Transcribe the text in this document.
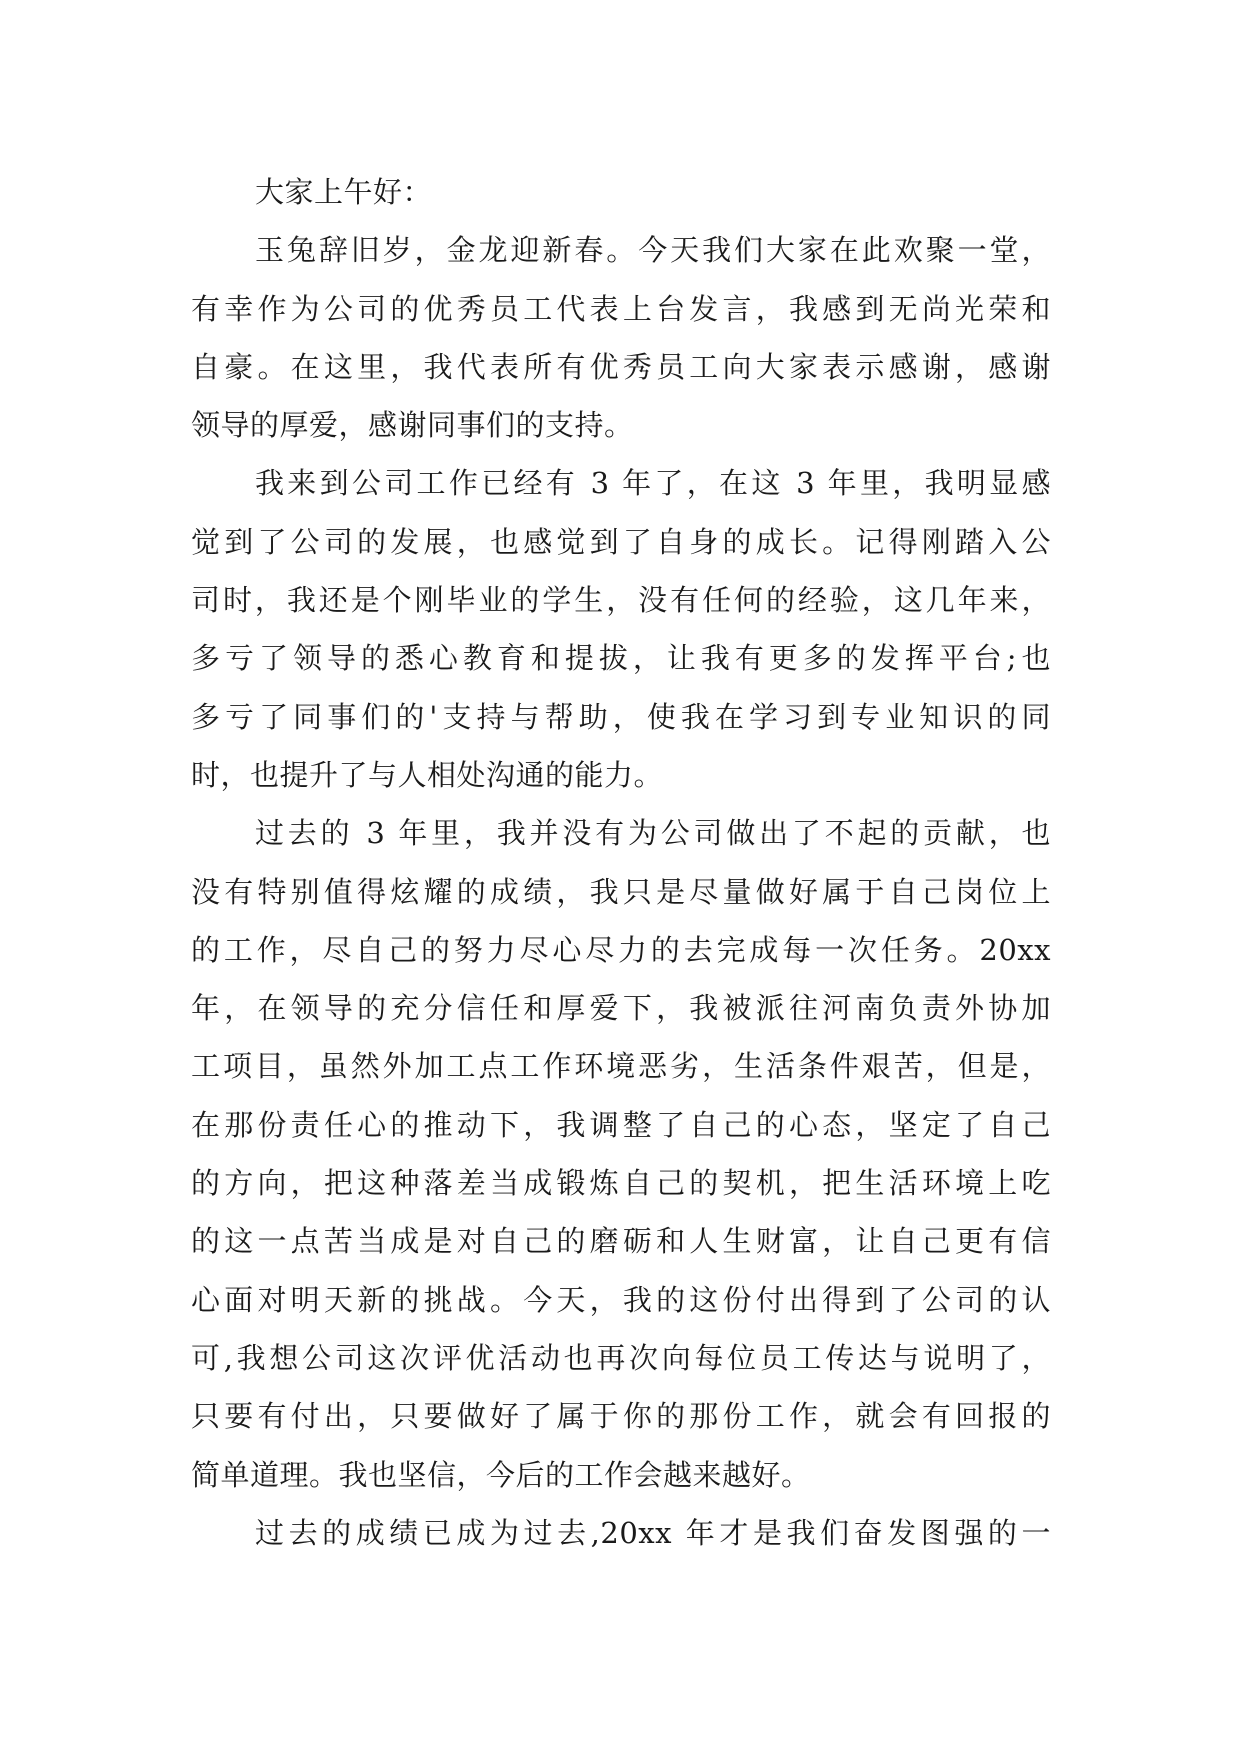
大家上午好：
玉兔辞旧岁，金龙迎新春。今天我们大家在此欢聚一堂，
有幸作为公司的优秀员工代表上台发言，我感到无尚光荣和
自豪。在这里，我代表所有优秀员工向大家表示感谢，感谢
领导的厚爱，感谢同事们的支持。
我来到公司工作已经有 3 年了，在这 3 年里，我明显感
觉到了公司的发展，也感觉到了自身的成长。记得刚踏入公
司时，我还是个刚毕业的学生，没有任何的经验，这几年来，
多亏了领导的悉心教育和提拔，让我有更多的发挥平台;也
多亏了同事们的'支持与帮助，使我在学习到专业知识的同
时，也提升了与人相处沟通的能力。
过去的 3 年里，我并没有为公司做出了不起的贡献，也
没有特别值得炫耀的成绩，我只是尽量做好属于自己岗位上
的工作，尽自己的努力尽心尽力的去完成每一次任务。20xx
年，在领导的充分信任和厚爱下，我被派往河南负责外协加
工项目，虽然外加工点工作环境恶劣，生活条件艰苦，但是，
在那份责任心的推动下，我调整了自己的心态，坚定了自己
的方向，把这种落差当成锻炼自己的契机，把生活环境上吃
的这一点苦当成是对自己的磨砺和人生财富，让自己更有信
心面对明天新的挑战。今天，我的这份付出得到了公司的认
可,我想公司这次评优活动也再次向每位员工传达与说明了，
只要有付出，只要做好了属于你的那份工作，就会有回报的
简单道理。我也坚信，今后的工作会越来越好。
过去的成绩已成为过去,20xx 年才是我们奋发图强的一
